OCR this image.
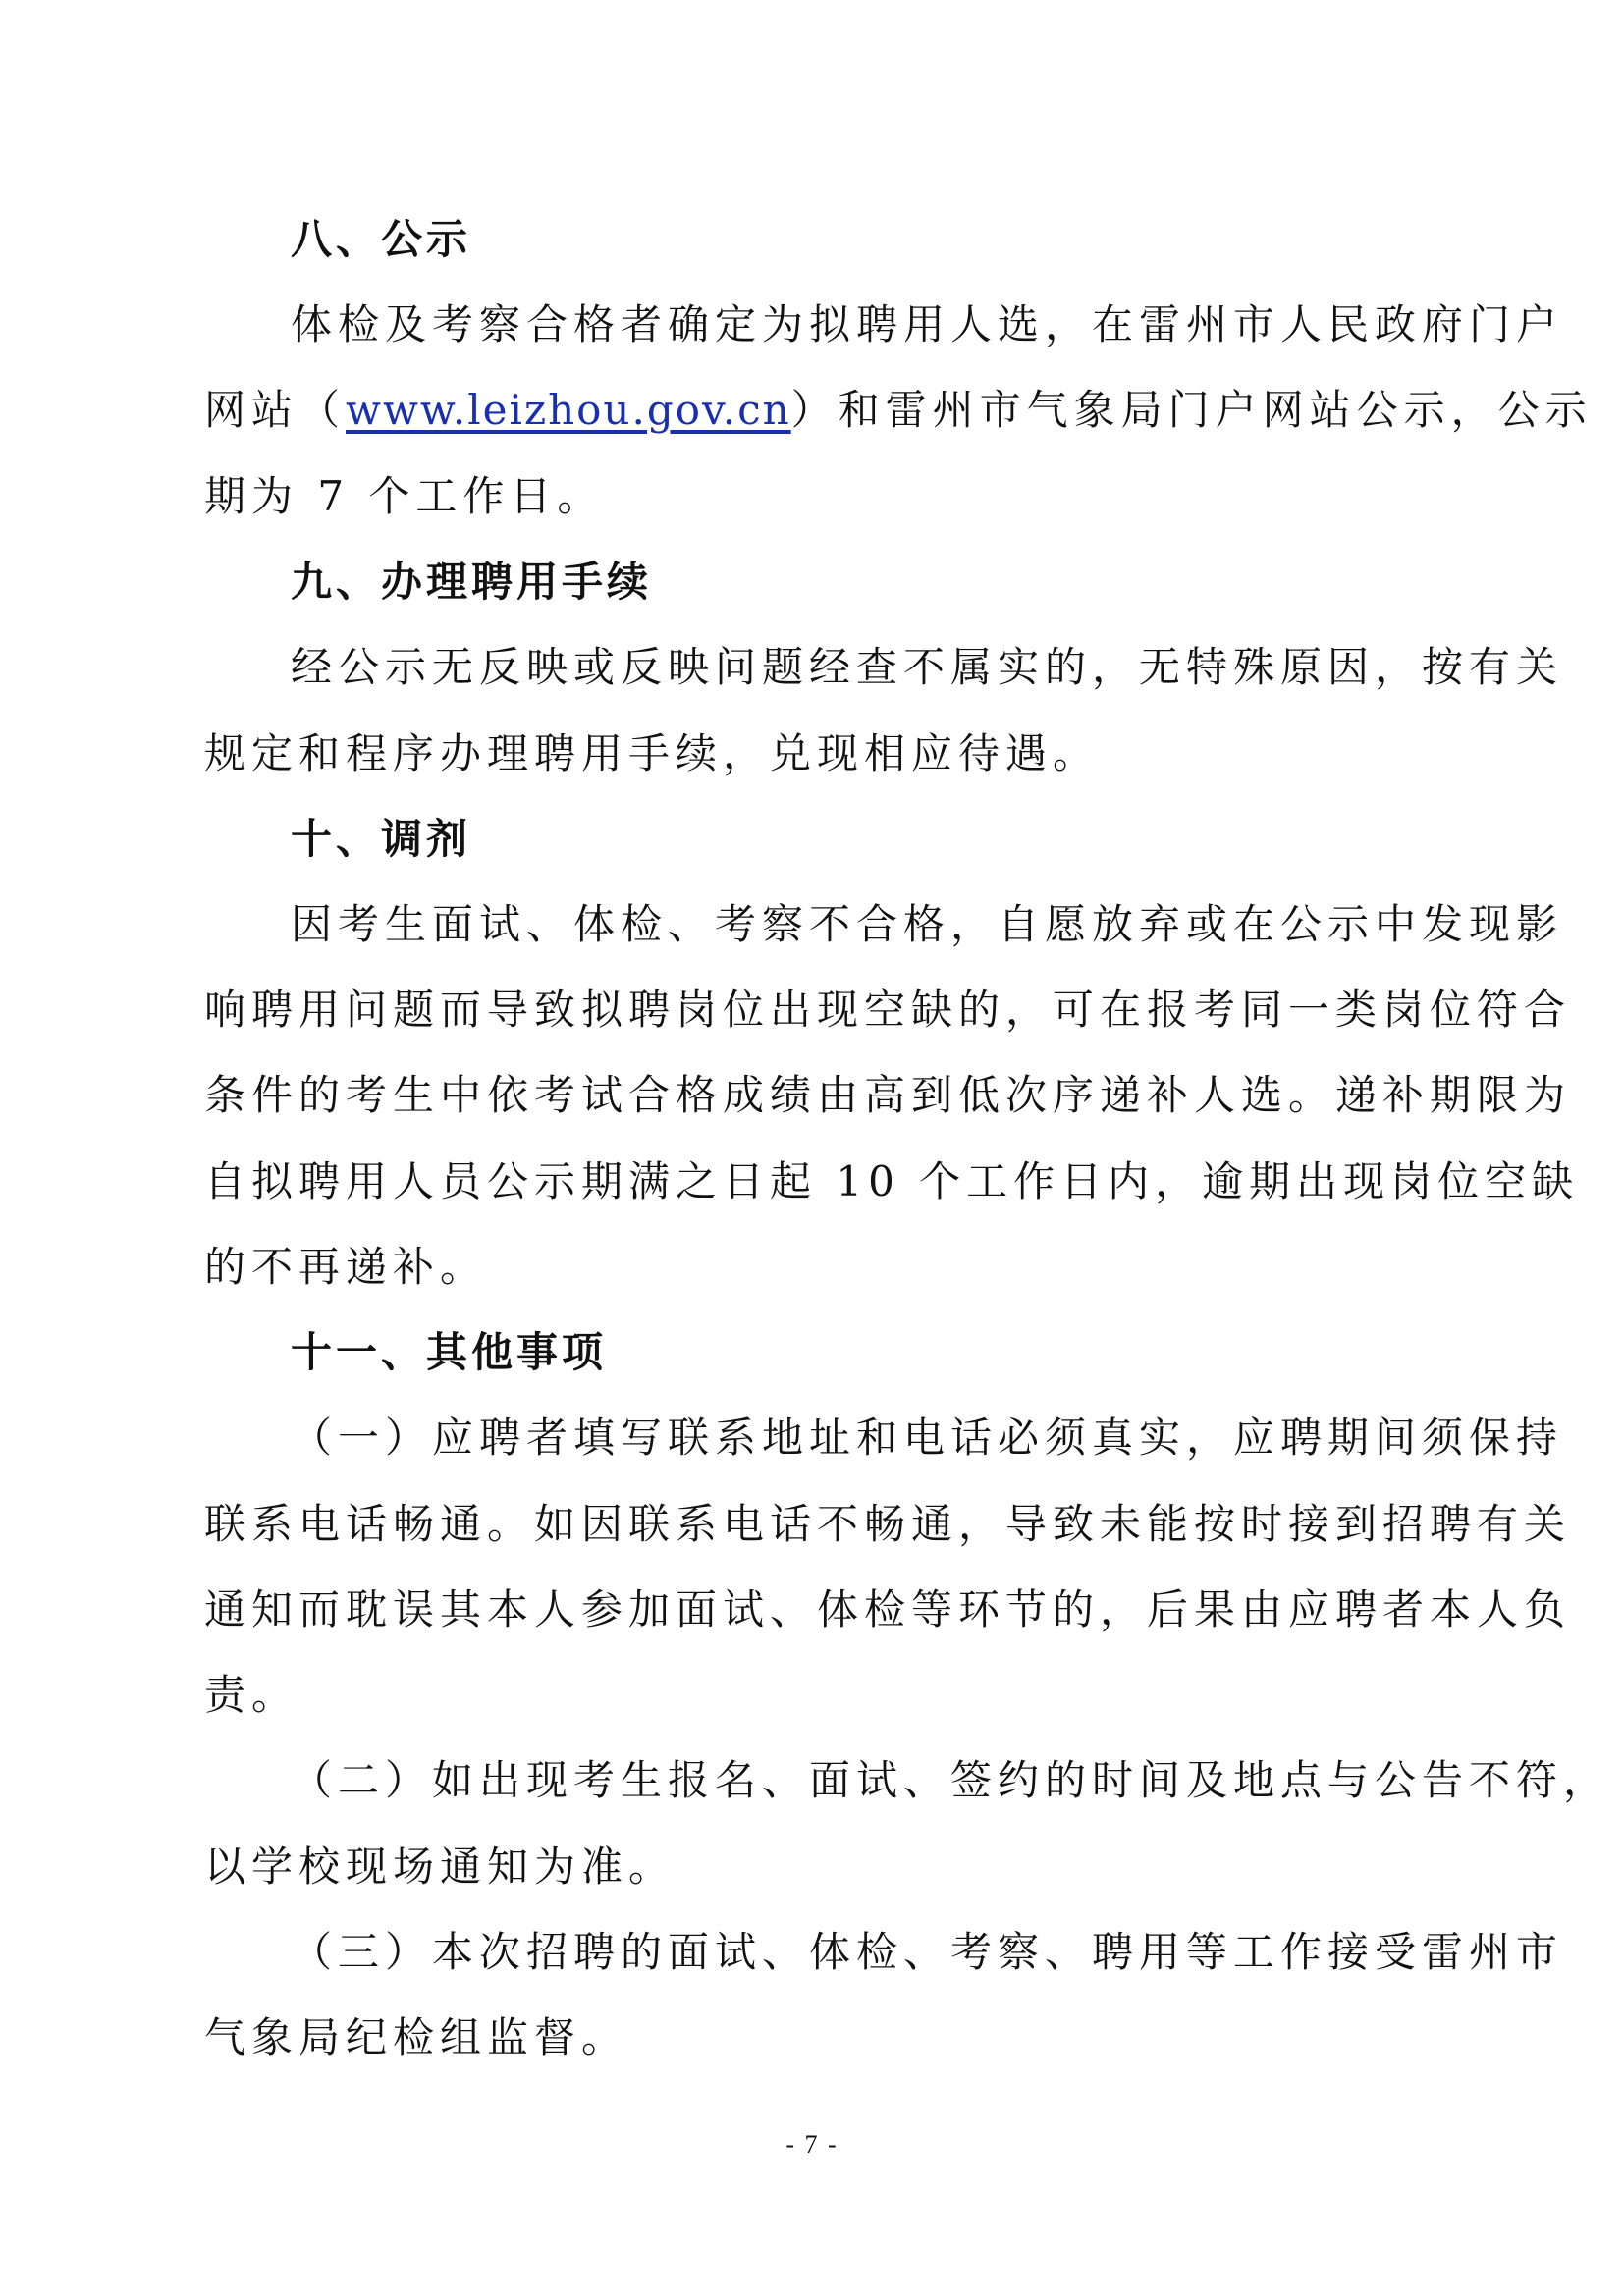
八、公示
体检及考察合格者确定为拟聘用人选，在雷州市人民政府门户
网站（www.leizhou.gov.cn）和雷州市气象局门户网站公示，公示
期为 7 个工作日。
九、办理聘用手续
经公示无反映或反映问题经查不属实的，无特殊原因，按有关
规定和程序办理聘用手续，兑现相应待遇。
十、调剂
因考生面试、体检、考察不合格，自愿放弃或在公示中发现影
响聘用问题而导致拟聘岗位出现空缺的，可在报考同一类岗位符合
条件的考生中依考试合格成绩由高到低次序递补人选。递补期限为
自拟聘用人员公示期满之日起 10 个工作日内，逾期出现岗位空缺
的不再递补。
十一、其他事项
（一）应聘者填写联系地址和电话必须真实，应聘期间须保持
联系电话畅通。如因联系电话不畅通，导致未能按时接到招聘有关
通知而耽误其本人参加面试、体检等环节的，后果由应聘者本人负
责。
（二）如出现考生报名、面试、签约的时间及地点与公告不符，
以学校现场通知为准。
（三）本次招聘的面试、体检、考察、聘用等工作接受雷州市
气象局纪检组监督。
- 7 -
